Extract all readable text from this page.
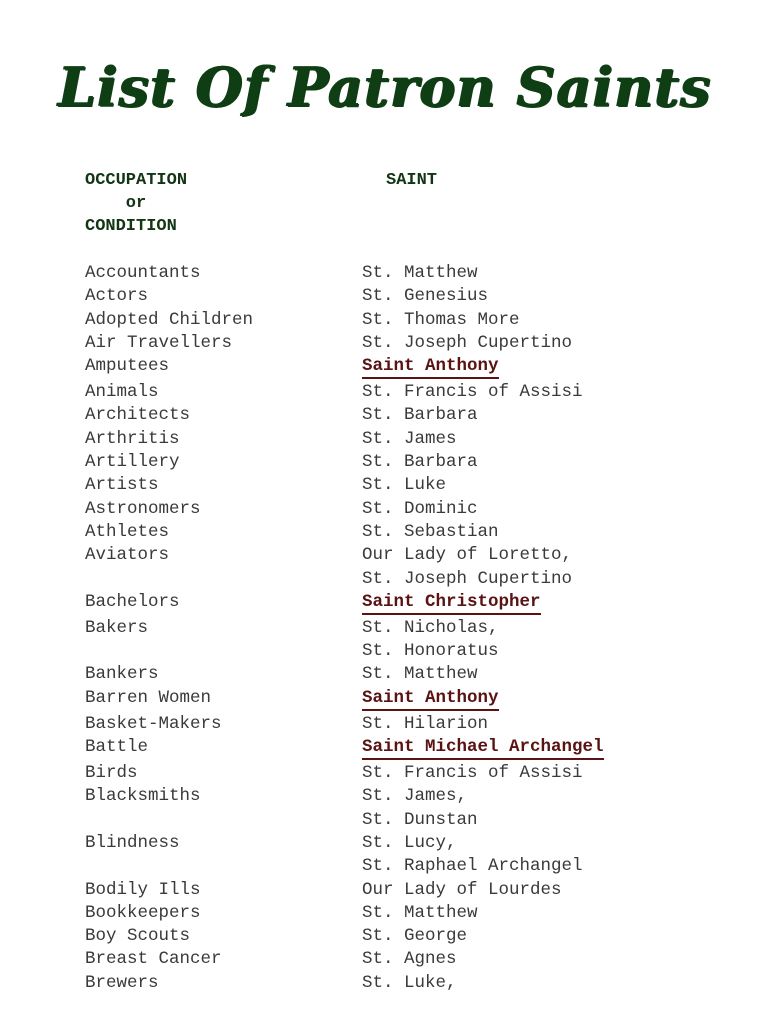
List Of Patron Saints
OCCUPATION
or
CONDITION
SAINT
Accountants	St. Matthew
Actors	St. Genesius
Adopted Children	St. Thomas More
Air Travellers	St. Joseph Cupertino
Amputees	Saint Anthony
Animals	St. Francis of Assisi
Architects	St. Barbara
Arthritis	St. James
Artillery	St. Barbara
Artists	St. Luke
Astronomers	St. Dominic
Athletes	St. Sebastian
Aviators	Our Lady of Loretto,
St. Joseph Cupertino
Bachelors	Saint Christopher
Bakers	St. Nicholas,
St. Honoratus
Bankers	St. Matthew
Barren Women	Saint Anthony
Basket-Makers	St. Hilarion
Battle	Saint Michael Archangel
Birds	St. Francis of Assisi
Blacksmiths	St. James,
St. Dunstan
Blindness	St. Lucy,
St. Raphael Archangel
Bodily Ills	Our Lady of Lourdes
Bookkeepers	St. Matthew
Boy Scouts	St. George
Breast Cancer	St. Agnes
Brewers	St. Luke,
